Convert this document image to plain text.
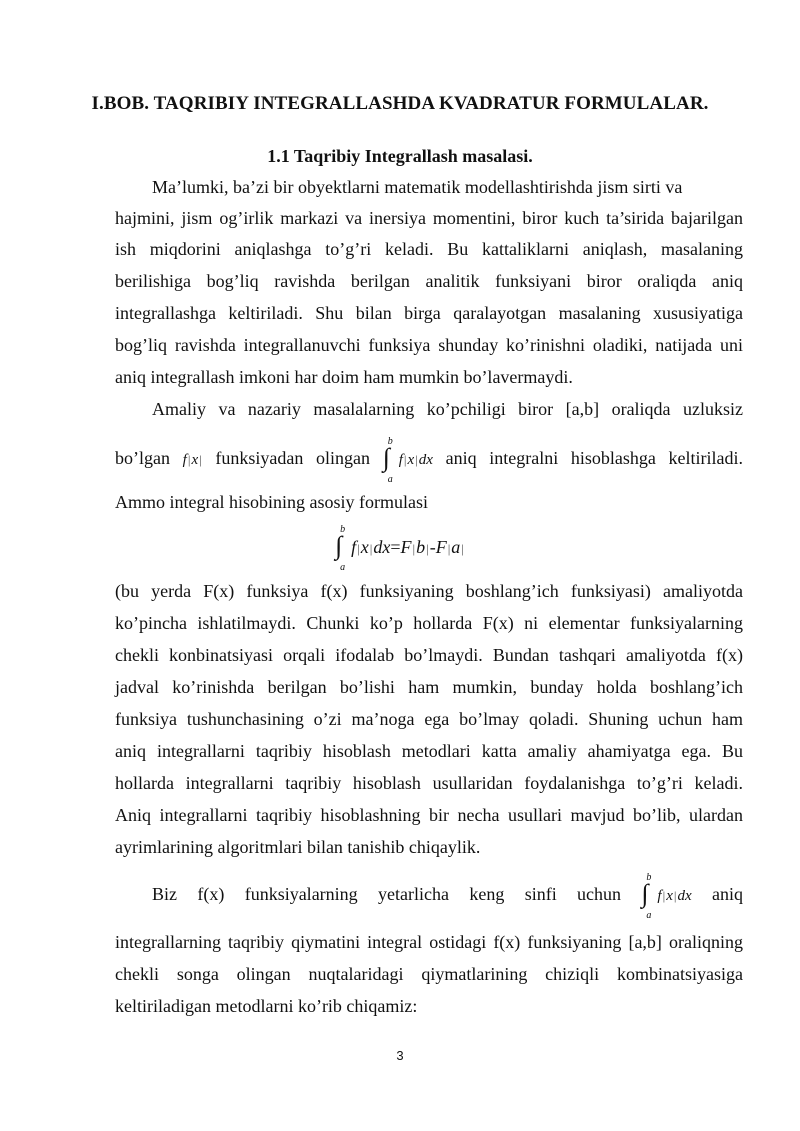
I.BOB. TAQRIBIY INTEGRALLASHDA KVADRATUR FORMULALAR.
1.1 Taqribiy Integrallash masalasi.
Ma’lumki, ba’zi bir obyektlarni matematik modellashtirishda jism sirti va
hajmini, jism og’irlik markazi va inersiya momentini, biror kuch ta’sirida bajarilgan
ish miqdorini aniqlashga to’g’ri keladi. Bu kattaliklarni aniqlash, masalaning
berilishiga bog’liq ravishda berilgan analitik funksiyani biror oraliqda aniq
integrallashga keltiriladi. Shu bilan birga qaralayotgan masalaning xususiyatiga
bog’liq ravishda integrallanuvchi funksiya shunday ko’rinishni oladiki, natijada uni
aniq integrallash imkoni har doim ham mumkin bo’lavermaydi.
Amaliy va nazariy masalalarning ko’pchiligi biror [a,b] oraliqda uzluksiz
bo’lgan f|x| funksiyadan olingan ∫
b
a
f|x|dx aniq integralni hisoblashga keltiriladi.
Ammo integral hisobining asosiy formulasi
∫
b
a
f|x|dx=F|b|-F|a|
(bu yerda F(x) funksiya f(x) funksiyaning boshlang’ich funksiyasi) amaliyotda
ko’pincha ishlatilmaydi. Chunki ko’p hollarda F(x) ni elementar funksiyalarning
chekli konbinatsiyasi orqali ifodalab bo’lmaydi. Bundan tashqari amaliyotda f(x)
jadval ko’rinishda berilgan bo’lishi ham mumkin, bunday holda boshlang’ich
funksiya tushunchasining o’zi ma’noga ega bo’lmay qoladi. Shuning uchun ham
aniq integrallarni taqribiy hisoblash metodlari katta amaliy ahamiyatga ega. Bu
hollarda integrallarni taqribiy hisoblash usullaridan foydalanishga to’g’ri keladi.
Aniq integrallarni taqribiy hisoblashning bir necha usullari mavjud bo’lib, ulardan
ayrimlarining algoritmlari bilan tanishib chiqaylik.
Biz f(x) funksiyalarning yetarlicha keng sinfi uchun ∫
b
a
f|x|dx aniq
integrallarning taqribiy qiymatini integral ostidagi f(x) funksiyaning [a,b] oraliqning
chekli songa olingan nuqtalaridagi qiymatlarining chiziqli kombinatsiyasiga
keltiriladigan metodlarni ko’rib chiqamiz:
3
